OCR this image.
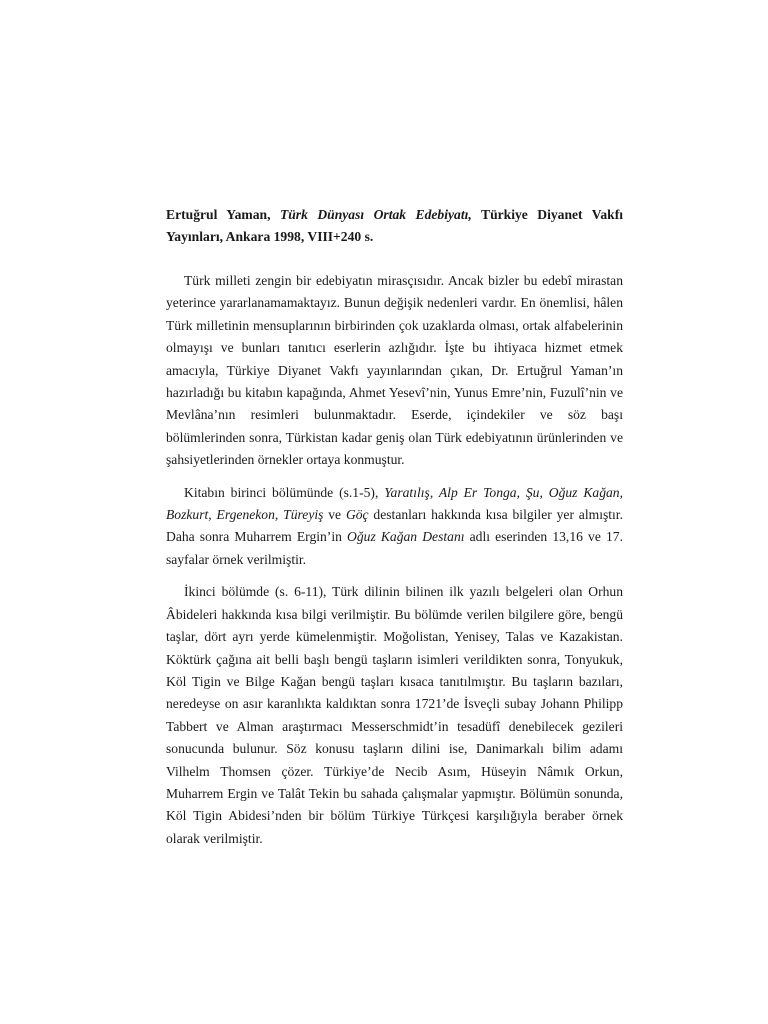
Ertuğrul Yaman, Türk Dünyası Ortak Edebiyatı, Türkiye Diyanet Vakfı Yayınları, Ankara 1998, VIII+240 s.

Türk milleti zengin bir edebiyatın mirasçısıdır. Ancak bizler bu edebî mirastan yeterince yararlanamamaktayız. Bunun değişik nedenleri vardır. En önemlisi, hâlen Türk milletinin mensuplarının birbirinden çok uzaklarda olması, ortak alfabelerinin olmayışı ve bunları tanıtıcı eserlerin azlığıdır. İşte bu ihtiyaca hizmet etmek amacıyla, Türkiye Diyanet Vakfı yayınlarından çıkan, Dr. Ertuğrul Yaman’ın hazırladığı bu kitabın kapağında, Ahmet Yesevî’nin, Yunus Emre’nin, Fuzulî’nin ve Mevlâna’nın resimleri bulunmaktadır. Eserde, içindekiler ve söz başı bölümlerinden sonra, Türkistan kadar geniş olan Türk edebiyatının ürünlerinden ve şahsiyetlerinden örnekler ortaya konmuştur.

Kitabın birinci bölümünde (s.1-5), Yaratılış, Alp Er Tonga, Şu, Oğuz Kağan, Bozkurt, Ergenekon, Türeyiş ve Göç destanları hakkında kısa bilgiler yer almıştır. Daha sonra Muharrem Ergin’in Oğuz Kağan Destanı adlı eserinden 13,16 ve 17. sayfalar örnek verilmiştir.

İkinci bölümde (s. 6-11), Türk dilinin bilinen ilk yazılı belgeleri olan Orhun Âbideleri hakkında kısa bilgi verilmiştir. Bu bölümde verilen bilgilere göre, bengü taşlar, dört ayrı yerde kümelenmiştir. Moğolistan, Yenisey, Talas ve Kazakistan. Köktürk çağına ait belli başlı bengü taşların isimleri verildikten sonra, Tonyukuk, Köl Tigin ve Bilge Kağan bengü taşları kısaca tanıtılmıştır. Bu taşların bazıları, neredeyse on asır karanlıkta kaldıktan sonra 1721’de İsveçli subay Johann Philipp Tabbert ve Alman araştırmacı Messerschmidt’in tesadüfî denebilecek gezileri sonucunda bulunur. Söz konusu taşların dilini ise, Danimarkalı bilim adamı Vilhelm Thomsen çözer. Türkiye’de Necib Asım, Hüseyin Nâmık Orkun, Muharrem Ergin ve Talât Tekin bu sahada çalışmalar yapmıştır. Bölümün sonunda, Köl Tigin Abidesi’nden bir bölüm Türkiye Türkçesi karşılığıyla beraber örnek olarak verilmiştir.
